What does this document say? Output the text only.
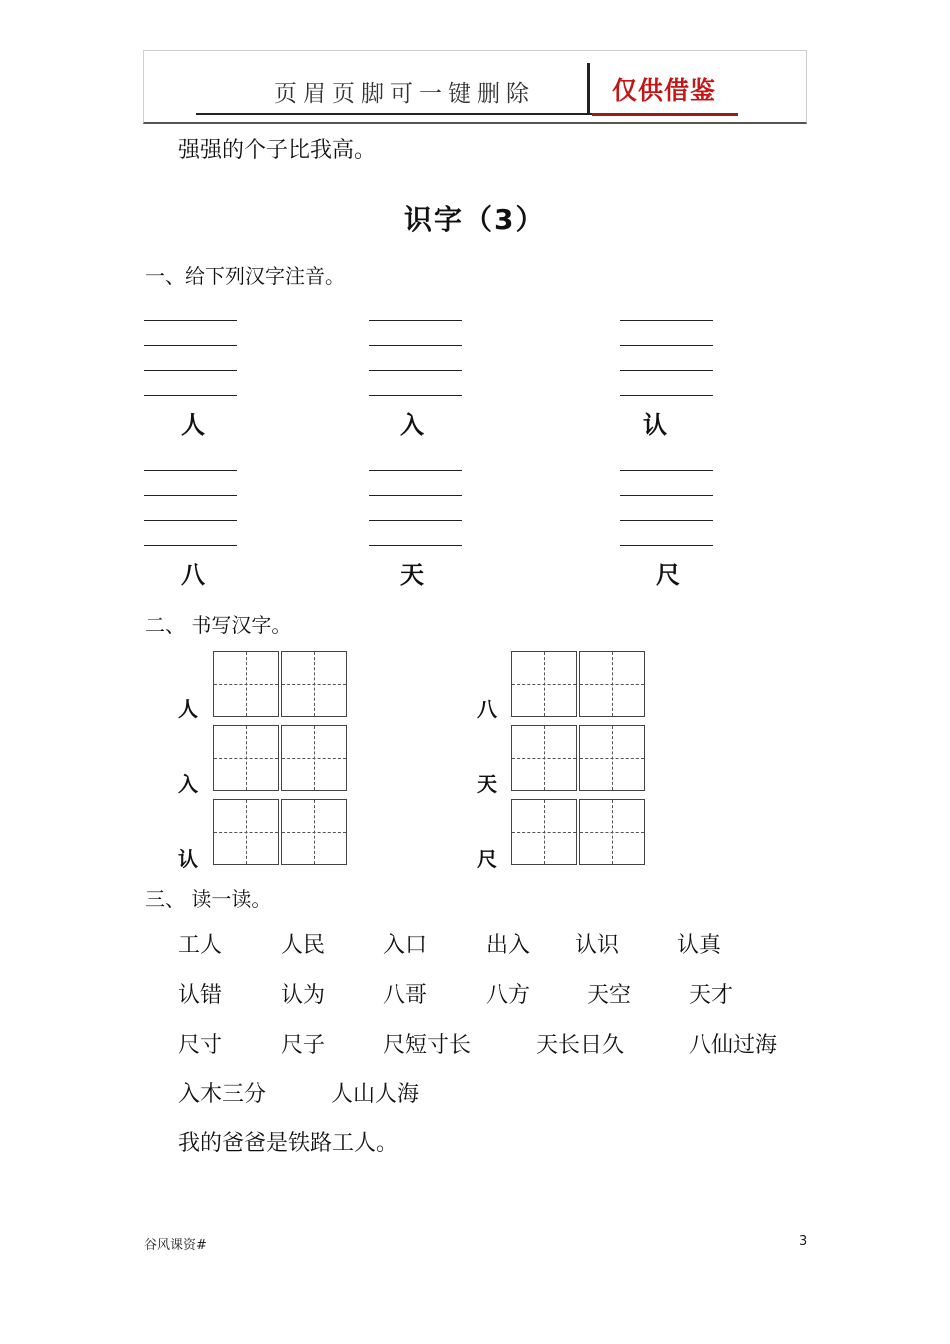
页眉页脚可一键删除	仅供借鉴
强强的个子比我高。
识字（3）
一、给下列汉字注音。
人	入	认
八	天	尺
二、 书写汉字。
人
入
认
八
天
尺
三、 读一读。
工人	人民	入口	出入 认识	认真
认错	认为	八哥	八方	天空	天才
尺寸	尺子	尺短寸长	天长日久	八仙过海
入木三分	人山人海
我的爸爸是铁路工人。
谷风课资#	3
